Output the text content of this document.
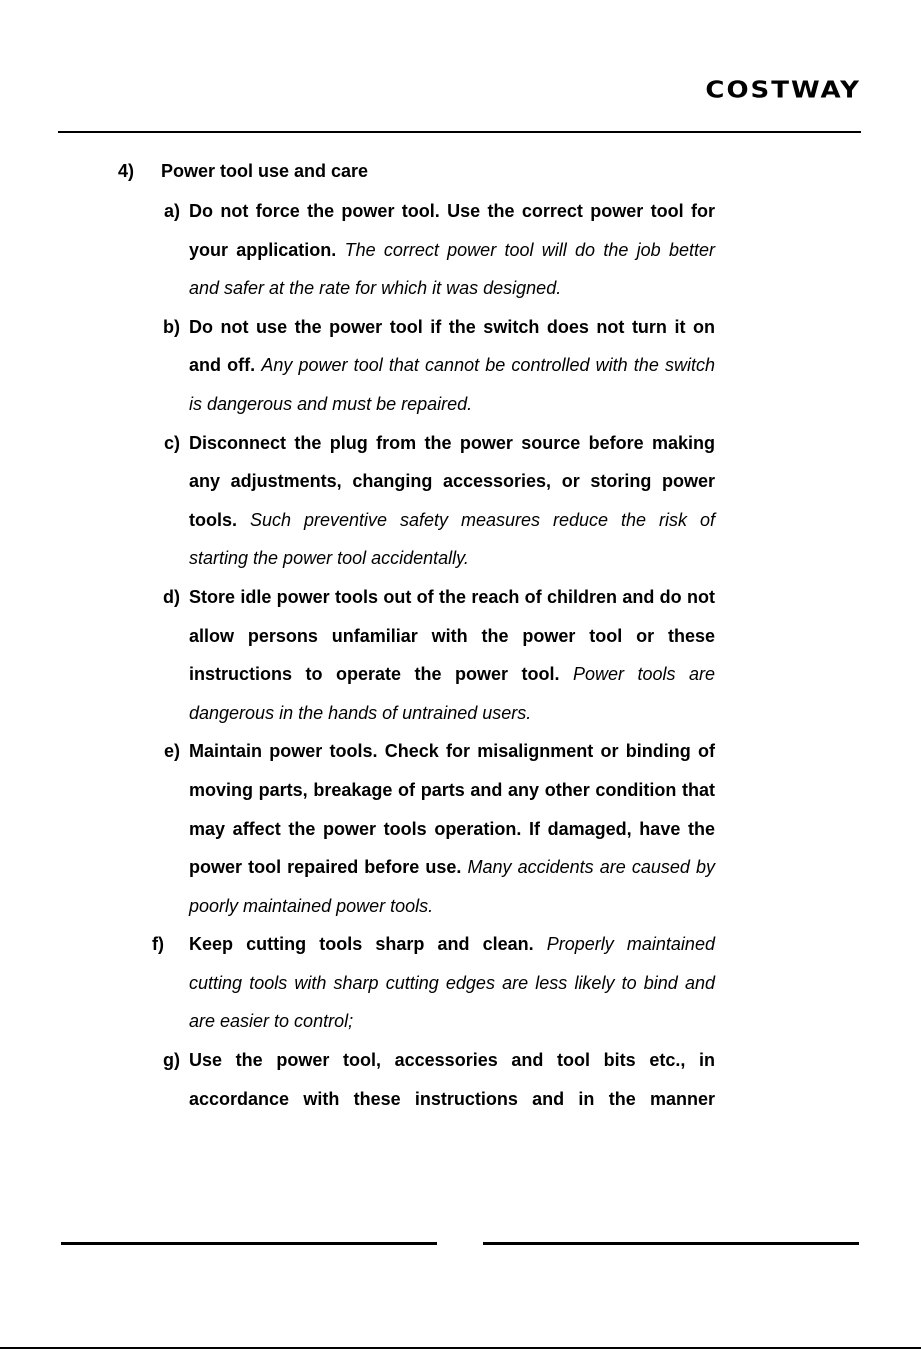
COSTWAY
4) Power tool use and care
a) Do not force the power tool. Use the correct power tool for your application. The correct power tool will do the job better and safer at the rate for which it was designed.
b) Do not use the power tool if the switch does not turn it on and off. Any power tool that cannot be controlled with the switch is dangerous and must be repaired.
c) Disconnect the plug from the power source before making any adjustments, changing accessories, or storing power tools. Such preventive safety measures reduce the risk of starting the power tool accidentally.
d) Store idle power tools out of the reach of children and do not allow persons unfamiliar with the power tool or these instructions to operate the power tool. Power tools are dangerous in the hands of untrained users.
e) Maintain power tools. Check for misalignment or binding of moving parts, breakage of parts and any other condition that may affect the power tools operation. If damaged, have the power tool repaired before use. Many accidents are caused by poorly maintained power tools.
f)	Keep cutting tools sharp and clean. Properly maintained cutting tools with sharp cutting edges are less likely to bind and are easier to control;
g) Use the power tool, accessories and tool bits etc., in accordance with these instructions and in the manner
